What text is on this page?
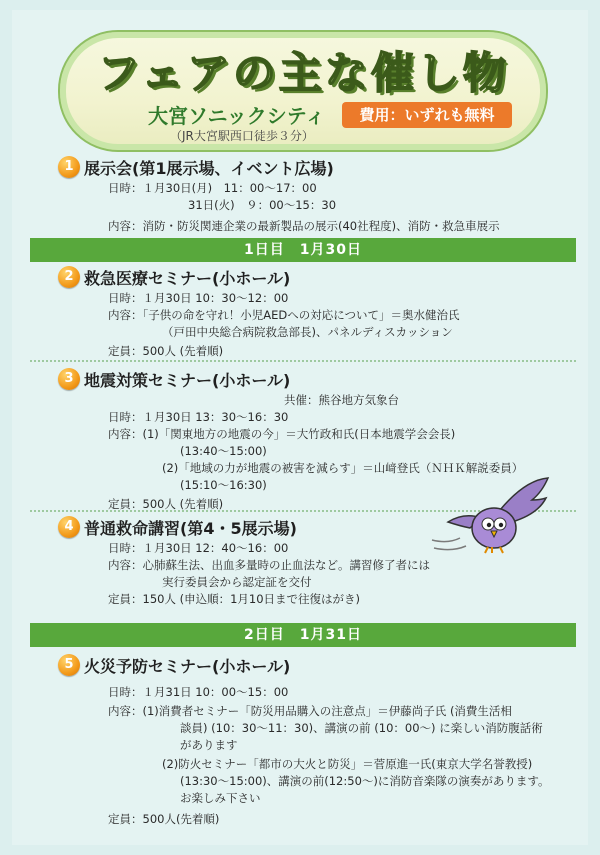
フェアの主な催し物
大宮ソニックシティ
（JR大宮駅西口徒歩３分）
費用：いずれも無料
1 展示会(第1展示場、イベント広場)
日時：１月30日(月)　11：00～17：00
31日(火)　９：00～15：30
内容：消防・防災関連企業の最新製品の展示(40社程度)、消防・救急車展示
1日目　1月30日
2 救急医療セミナー(小ホール)
日時：１月30日 10：30～12：00
内容：「子供の命を守れ！小児AEDへの対応について」＝奥水健治氏
（戸田中央総合病院救急部長)、パネルディスカッション
定員：500人 (先着順)
3 地震対策セミナー(小ホール)
共催：熊谷地方気象台
日時：１月30日 13：30～16：30
内容：(1)「関東地方の地震の今」＝大竹政和氏(日本地震学会会長)
(13:40～15:00)
(2)「地域の力が地震の被害を減らす」＝山﨑登氏（ＮＨＫ解説委員）
(15:10～16:30)
定員：500人 (先着順)
4 普通救命講習(第4・5展示場)
日時：１月30日 12：40～16：00
内容：心肺蘇生法、出血多量時の止血法など。講習修了者には
実行委員会から認定証を交付
定員：150人 (申込順：1月10日まで往復はがき)
2日目　1月31日
5 火災予防セミナー(小ホール)
日時：１月31日 10：00～15：00
内容：(1)消費者セミナー「防災用品購入の注意点」＝伊藤尚子氏 (消費生活相
談員) (10：30～11：30)、講演の前 (10：00～) に楽しい消防腹話術
があります
(2)防火セミナー「都市の大火と防災」＝菅原進一氏(東京大学名誉教授)
(13:30～15:00)、講演の前(12:50～)に消防音楽隊の演奏があります。
お楽しみ下さい
定員：500人(先着順)
